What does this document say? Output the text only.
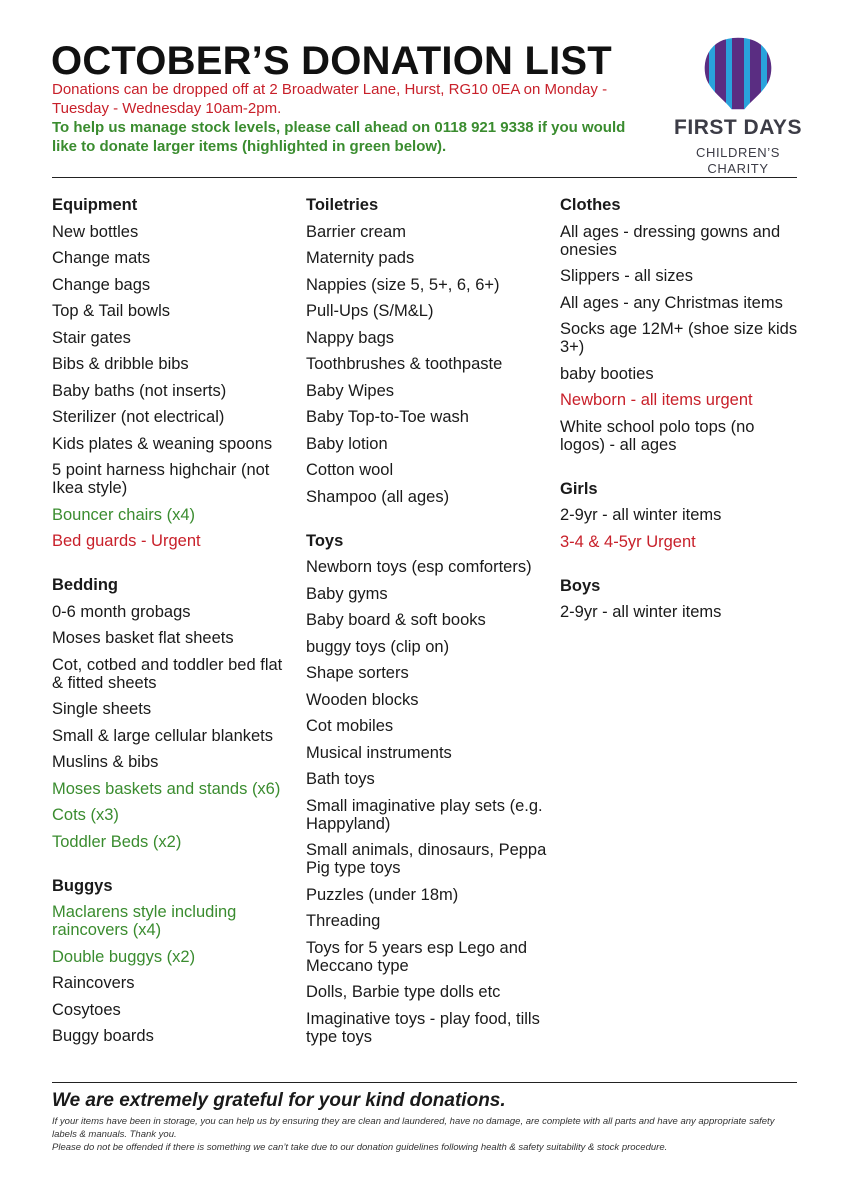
OCTOBER’S DONATION LIST
Donations can be dropped off at 2 Broadwater Lane, Hurst, RG10 0EA on Monday - Tuesday - Wednesday 10am-2pm.
To help us manage stock levels, please call ahead on 0118 921 9338 if you would like to donate larger items (highlighted in green below).
FIRST DAYS
CHILDREN’S CHARITY
Equipment
New bottles
Change mats
Change bags
Top & Tail bowls
Stair gates
Bibs & dribble bibs
Baby baths (not inserts)
Sterilizer (not electrical)
Kids plates & weaning spoons
5 point harness highchair (not Ikea style)
Bouncer chairs (x4)
Bed guards - Urgent
Bedding
0-6 month grobags
Moses basket flat sheets
Cot, cotbed and toddler bed flat & fitted sheets
Single sheets
Small & large cellular blankets
Muslins & bibs
Moses baskets and stands (x6)
Cots (x3)
Toddler Beds (x2)
Buggys
Maclarens style including raincovers (x4)
Double buggys (x2)
Raincovers
Cosytoes
Buggy boards
Toiletries
Barrier cream
Maternity pads
Nappies (size 5, 5+, 6, 6+)
Pull-Ups (S/M&L)
Nappy bags
Toothbrushes & toothpaste
Baby Wipes
Baby Top-to-Toe wash
Baby lotion
Cotton wool
Shampoo (all ages)
Toys
Newborn toys (esp comforters)
Baby gyms
Baby board & soft books
buggy toys (clip on)
Shape sorters
Wooden blocks
Cot mobiles
Musical instruments
Bath toys
Small imaginative play sets (e.g. Happyland)
Small animals, dinosaurs, Peppa Pig type toys
Puzzles (under 18m)
Threading
Toys for 5 years esp Lego and Meccano type
Dolls, Barbie type dolls etc
Imaginative toys - play food, tills type toys
Clothes
All ages - dressing gowns and onesies
Slippers - all sizes
All ages - any Christmas items
Socks age 12M+ (shoe size kids 3+)
baby booties
Newborn - all items urgent
White school polo tops (no logos) - all ages
Girls
2-9yr - all winter items
3-4 & 4-5yr Urgent
Boys
2-9yr - all winter items
We are extremely grateful for your kind donations.
If your items have been in storage, you can help us by ensuring they are clean and laundered, have no damage, are complete with all parts and have any appropriate safety labels & manuals. Thank you.
Please do not be offended if there is something we can’t take due to our donation guidelines following health & safety suitability & stock procedure.
